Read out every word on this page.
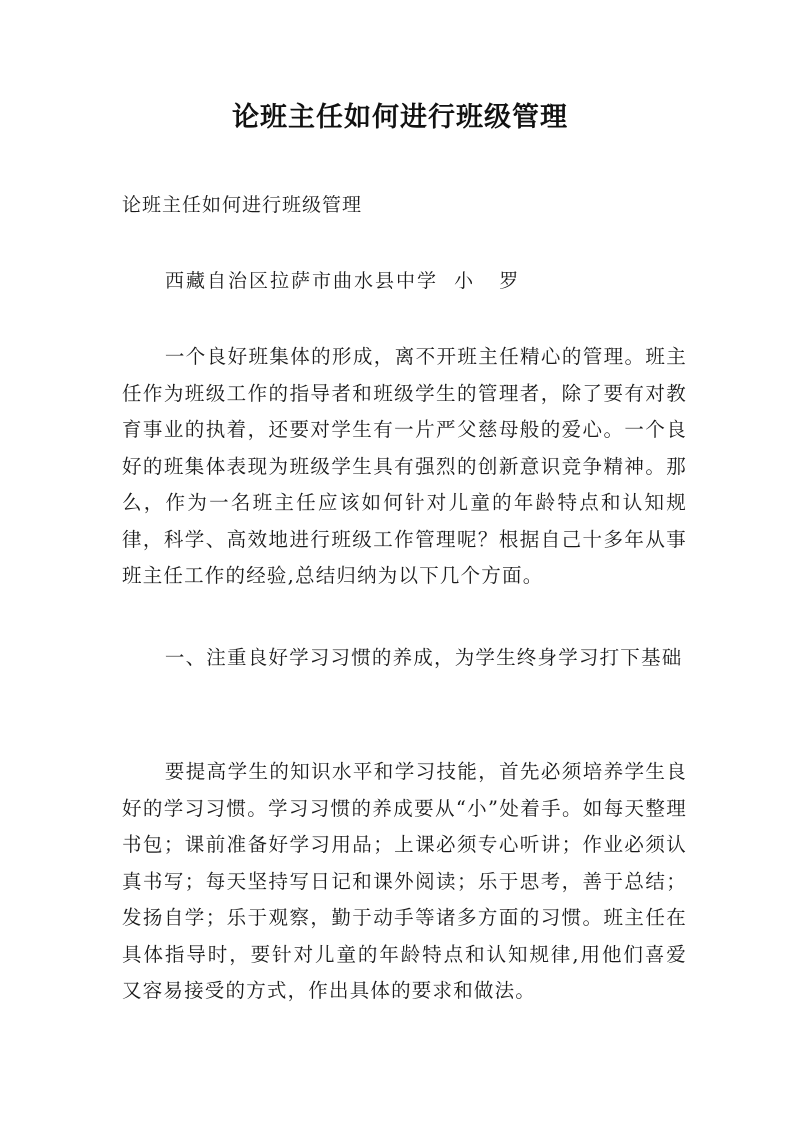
论班主任如何进行班级管理
论班主任如何进行班级管理
西藏自治区拉萨市曲水县中学  小   罗

一个良好班集体的形成，离不开班主任精心的管理。班主任作为班级工作的指导者和班级学生的管理者，除了要有对教育事业的执着，还要对学生有一片严父慈母般的爱心。一个良好的班集体表现为班级学生具有强烈的创新意识竞争精神。那么，作为一名班主任应该如何针对儿童的年龄特点和认知规律，科学、高效地进行班级工作管理呢？根据自己十多年从事班主任工作的经验,总结归纳为以下几个方面。

一、注重良好学习习惯的养成，为学生终身学习打下基础

要提高学生的知识水平和学习技能，首先必须培养学生良好的学习习惯。学习习惯的养成要从“小”处着手。如每天整理书包；课前准备好学习用品；上课必须专心听讲；作业必须认真书写；每天坚持写日记和课外阅读；乐于思考，善于总结；发扬自学；乐于观察，勤于动手等诸多方面的习惯。班主任在具体指导时，要针对儿童的年龄特点和认知规律,用他们喜爱又容易接受的方式，作出具体的要求和做法。
